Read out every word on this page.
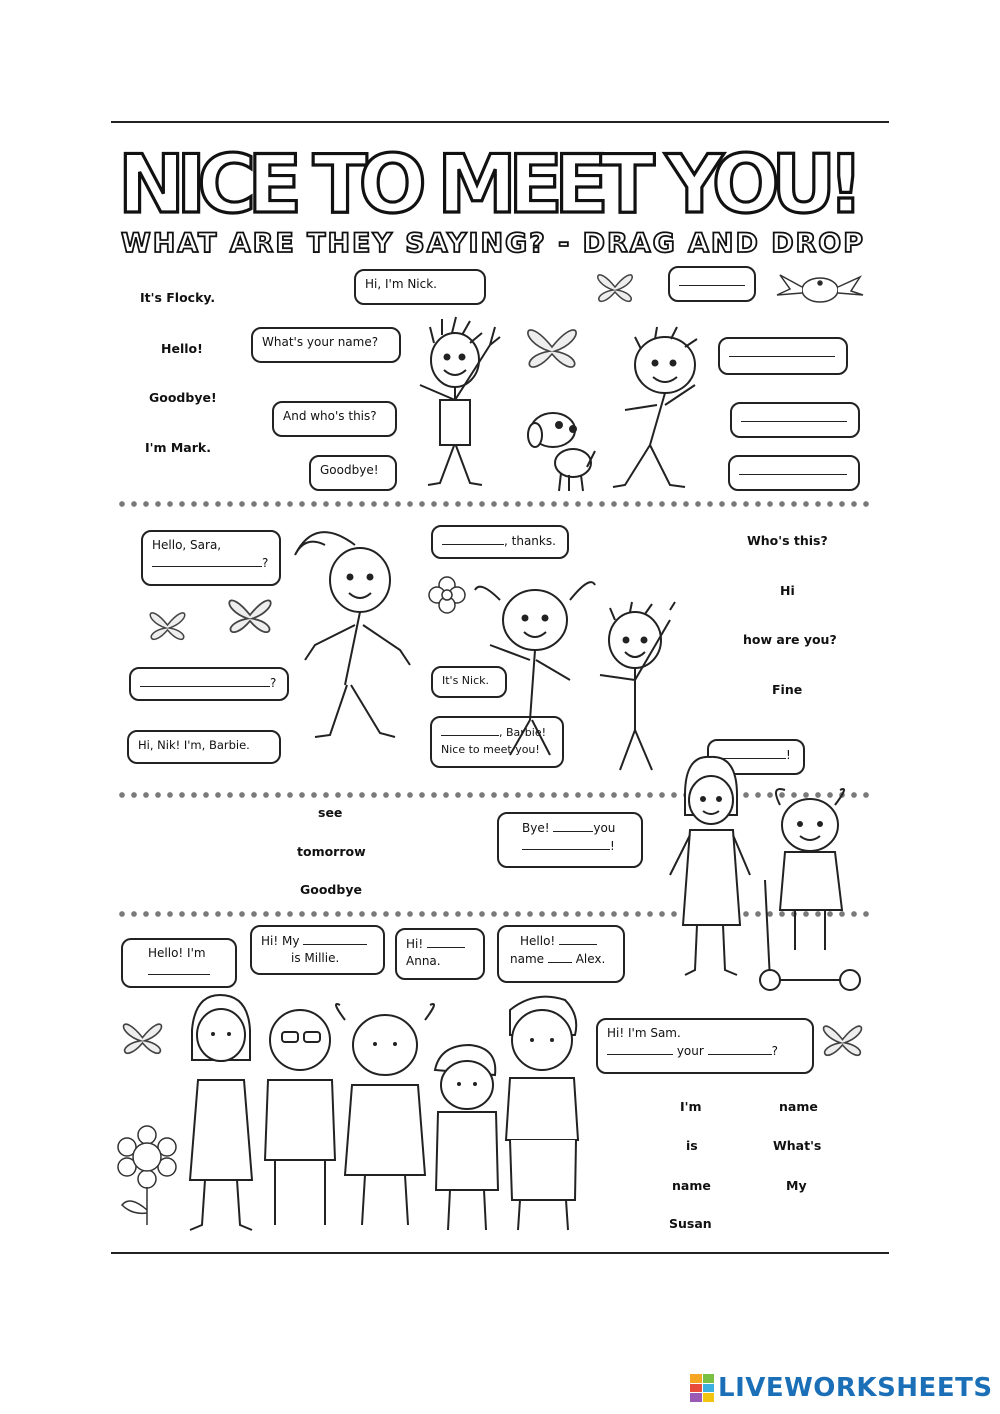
NICE TO MEET YOU!
WHAT ARE THEY SAYING? - DRAG AND DROP
It's Flocky.
Hello!
Goodbye!
I'm Mark.
Hi, I'm Nick.
What's your name?
And who's this?
Goodbye!
Who's this?
Hi
how are you?
Fine
Hello, Sara,
?
, thanks.
?	It's Nick.
, Barbie!
Nice to meet you!
Hi, Nik! I'm, Barbie.
see
tomorrow
Goodbye
Bye!	you
!
!
Hello! I'm
Hi! My
is Millie.
Hi!
Anna.
Hello!
name	Alex.
Hi! I'm Sam.
your	?
I'm
is
name
Susan
name
What's
My
LIVEWORKSHEETS
